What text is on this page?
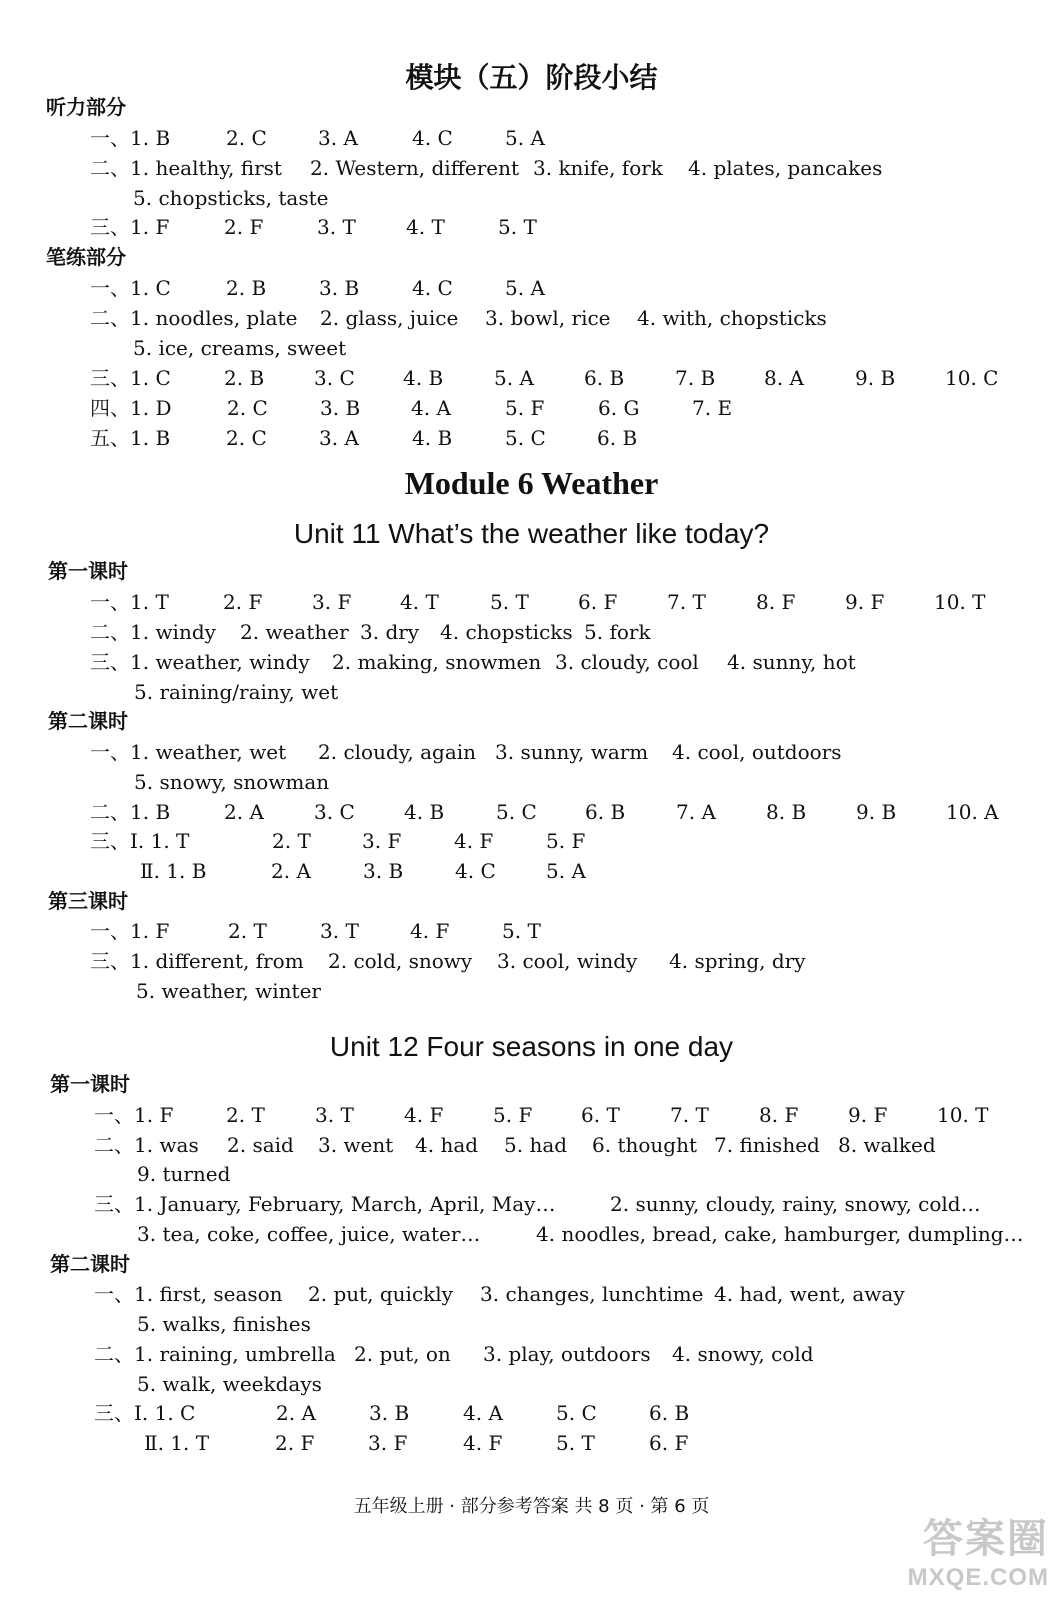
模块（五）阶段小结
Module 6 Weather
Unit 11 What’s the weather like today?
Unit 12 Four seasons in one day
听力部分
笔练部分
第一课时
第二课时
第三课时
第一课时
第二课时
一、1. B	2. C	3. A	4. C	5. A
二、1. healthy, first 2. Western, different 3. knife, fork 4. plates, pancakes
5. chopsticks, taste
三、1. F	2. F	3. T	4. T	5. T
一、1. C	2. B	3. B	4. C	5. A
二、1. noodles, plate 2. glass, juice 3. bowl, rice 4. with, chopsticks
5. ice, creams, sweet
三、1. C	2. B 3. C 4. B	5. A	6. B	7. B 8. A	9. B 10. C
四、1. D	2. C	3. B	4. A	5. F	6. G	7. E
五、1. B	2. C	3. A	4. B	5. C	6. B
一、1. T	2. F 3. F 4. T	5. T 6. F 7. T	8. F 9. F 10. T
二、1. windy 2. weather 3. dry 4. chopsticks 5. fork
三、1. weather, windy 2. making, snowmen 3. cloudy, cool 4. sunny, hot
5. raining/rainy, wet
一、1. weather, wet 2. cloudy, again 3. sunny, warm 4. cool, outdoors
5. snowy, snowman
二、1. B	2. A	3. C 4. B	5. C 6. B	7. A	8. B 9. B 10. A
三、Ⅰ. 1. T	2. T	3. F	4. F	5. F
Ⅱ. 1. B	2. A	3. B	4. C	5. A
一、1. F	2. T	3. T	4. F	5. T
三、1. different, from 2. cold, snowy 3. cool, windy 4. spring, dry
5. weather, winter
一、1. F	2. T	3. T	4. F 5. F 6. T	7. T	8. F 9. F 10. T
二、1. was 2. said 3. went 4. had 5. had 6. thought 7. finished 8. walked
9. turned
三、1. January, February, March, April, May…	2. sunny, cloudy, rainy, snowy, cold…
3. tea, coke, coffee, juice, water…	4. noodles, bread, cake, hamburger, dumpling…
一、1. first, season 2. put, quickly 3. changes, lunchtime 4. had, went, away
5. walks, finishes
二、1. raining, umbrella 2. put, on 3. play, outdoors 4. snowy, cold
5. walk, weekdays
三、Ⅰ. 1. C	2. A	3. B	4. A	5. C	6. B
Ⅱ. 1. T	2. F	3. F	4. F	5. T	6. F
五年级上册 · 部分参考答案 共 8 页 · 第 6 页
答案圈
MXQE.COM
